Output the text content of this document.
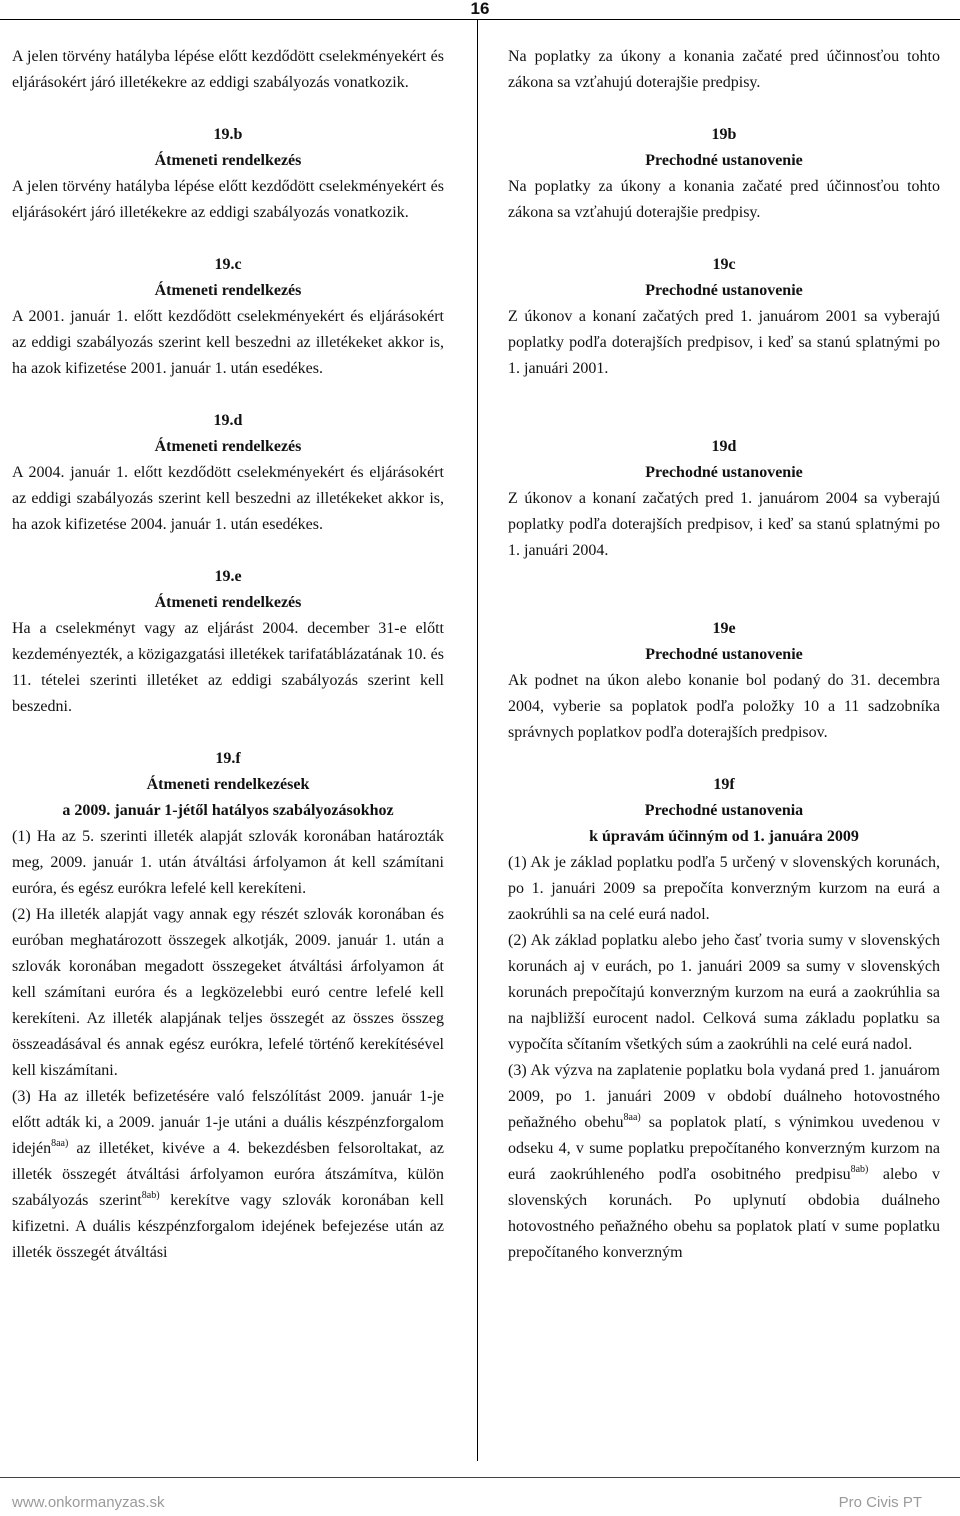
16

A jelen törvény hatályba lépése előtt kezdődött cselekményekért és eljárásokért járó illetékekre az eddigi szabályozás vonatkozik.

19.b

Átmeneti rendelkezés

A jelen törvény hatályba lépése előtt kezdődött cselekményekért és eljárásokért járó illetékekre az eddigi szabályozás vonatkozik.

19.c

Átmeneti rendelkezés

A 2001. január 1. előtt kezdődött cselekményekért és eljárásokért az eddigi szabályozás szerint kell beszedni az illetékeket akkor is, ha azok kifizetése 2001. január 1. után esedékes.

19.d

Átmeneti rendelkezés

A 2004. január 1. előtt kezdődött cselekményekért és eljárásokért az eddigi szabályozás szerint kell beszedni az illetékeket akkor is, ha azok kifizetése 2004. január 1. után esedékes.

19.e

Átmeneti rendelkezés

Ha a cselekményt vagy az eljárást 2004. december 31-e előtt kezdeményezték, a közigazgatási illetékek tarifatáblázatának 10. és 11. tételei szerinti illetéket az eddigi szabályozás szerint kell beszedni.

19.f

Átmeneti rendelkezések

a 2009. január 1-jétől hatályos szabályozásokhoz

(1) Ha az 5. szerinti illeték alapját szlovák koronában határozták meg, 2009. január 1. után átváltási árfolyamon át kell számítani euróra, és egész eurókra lefelé kell kerekíteni.

(2) Ha illeték alapját vagy annak egy részét szlovák koronában és euróban meghatározott összegek alkotják, 2009. január 1. után a szlovák koronában megadott összegeket átváltási árfolyamon át kell számítani euróra és a legközelebbi euró centre lefelé kell kerekíteni. Az illeték alapjának teljes összegét az összes összeg összeadásával és annak egész eurókra, lefelé történő kerekítésével kell kiszámítani.

(3) Ha az illeték befizetésére való felszólítást 2009. január 1-je előtt adták ki, a 2009. január 1-je utáni a duális készpénzforgalom idején$^{8aa)}$ az illetéket, kivéve a 4. bekezdésben felsoroltakat, az illeték összegét átváltási árfolyamon euróra átszámítva, külön szabályozás szerint$^{8ab)}$ kerekítve vagy szlovák koronában kell kifizetni. A duális készpénzforgalom idejének befejezése után az illeték összegét átváltási

Na poplatky za úkony a konania začaté pred účinnosťou tohto zákona sa vzťahujú doterajšie predpisy.

19b

Prechodné ustanovenie

Na poplatky za úkony a konania začaté pred účinnosťou tohto zákona sa vzťahujú doterajšie predpisy.

19c

Prechodné ustanovenie

Z úkonov a konaní začatých pred 1. januárom 2001 sa vyberajú poplatky podľa doterajších predpisov, i keď sa stanú splatnými po 1. januári 2001.

19d

Prechodné ustanovenie

Z úkonov a konaní začatých pred 1. januárom 2004 sa vyberajú poplatky podľa doterajších predpisov, i keď sa stanú splatnými po 1. januári 2004.

19e

Prechodné ustanovenie

Ak podnet na úkon alebo konanie bol podaný do 31. decembra 2004, vyberie sa poplatok podľa položky 10 a 11 sadzobníka správnych poplatkov podľa doterajších predpisov.

19f

Prechodné ustanovenia

k úpravám účinným od 1. januára 2009

(1) Ak je základ poplatku podľa 5 určený v slovenských korunách, po 1. januári 2009 sa prepočíta konverzným kurzom na eurá a zaokrúhli sa na celé eurá nadol.

(2) Ak základ poplatku alebo jeho časť tvoria sumy v slovenských korunách aj v eurách, po 1. januári 2009 sa sumy v slovenských korunách prepočítajú konverzným kurzom na eurá a zaokrúhlia sa na najbližší eurocent nadol. Celková suma základu poplatku sa vypočíta sčítaním všetkých súm a zaokrúhli na celé eurá nadol.

(3) Ak výzva na zaplatenie poplatku bola vydaná pred 1. januárom 2009, po 1. januári 2009 v období duálneho hotovostného peňažného obehu$^{8aa)}$ sa poplatok platí, s výnimkou uvedenou v odseku 4, v sume poplatku prepočítaného konverzným kurzom na eurá zaokrúhleného podľa osobitného predpisu$^{8ab)}$ alebo v slovenských korunách. Po uplynutí obdobia duálneho hotovostného peňažného obehu sa poplatok platí v sume poplatku prepočítaného konverzným

www.onkormanyzas.sk	Pro Civis PT
